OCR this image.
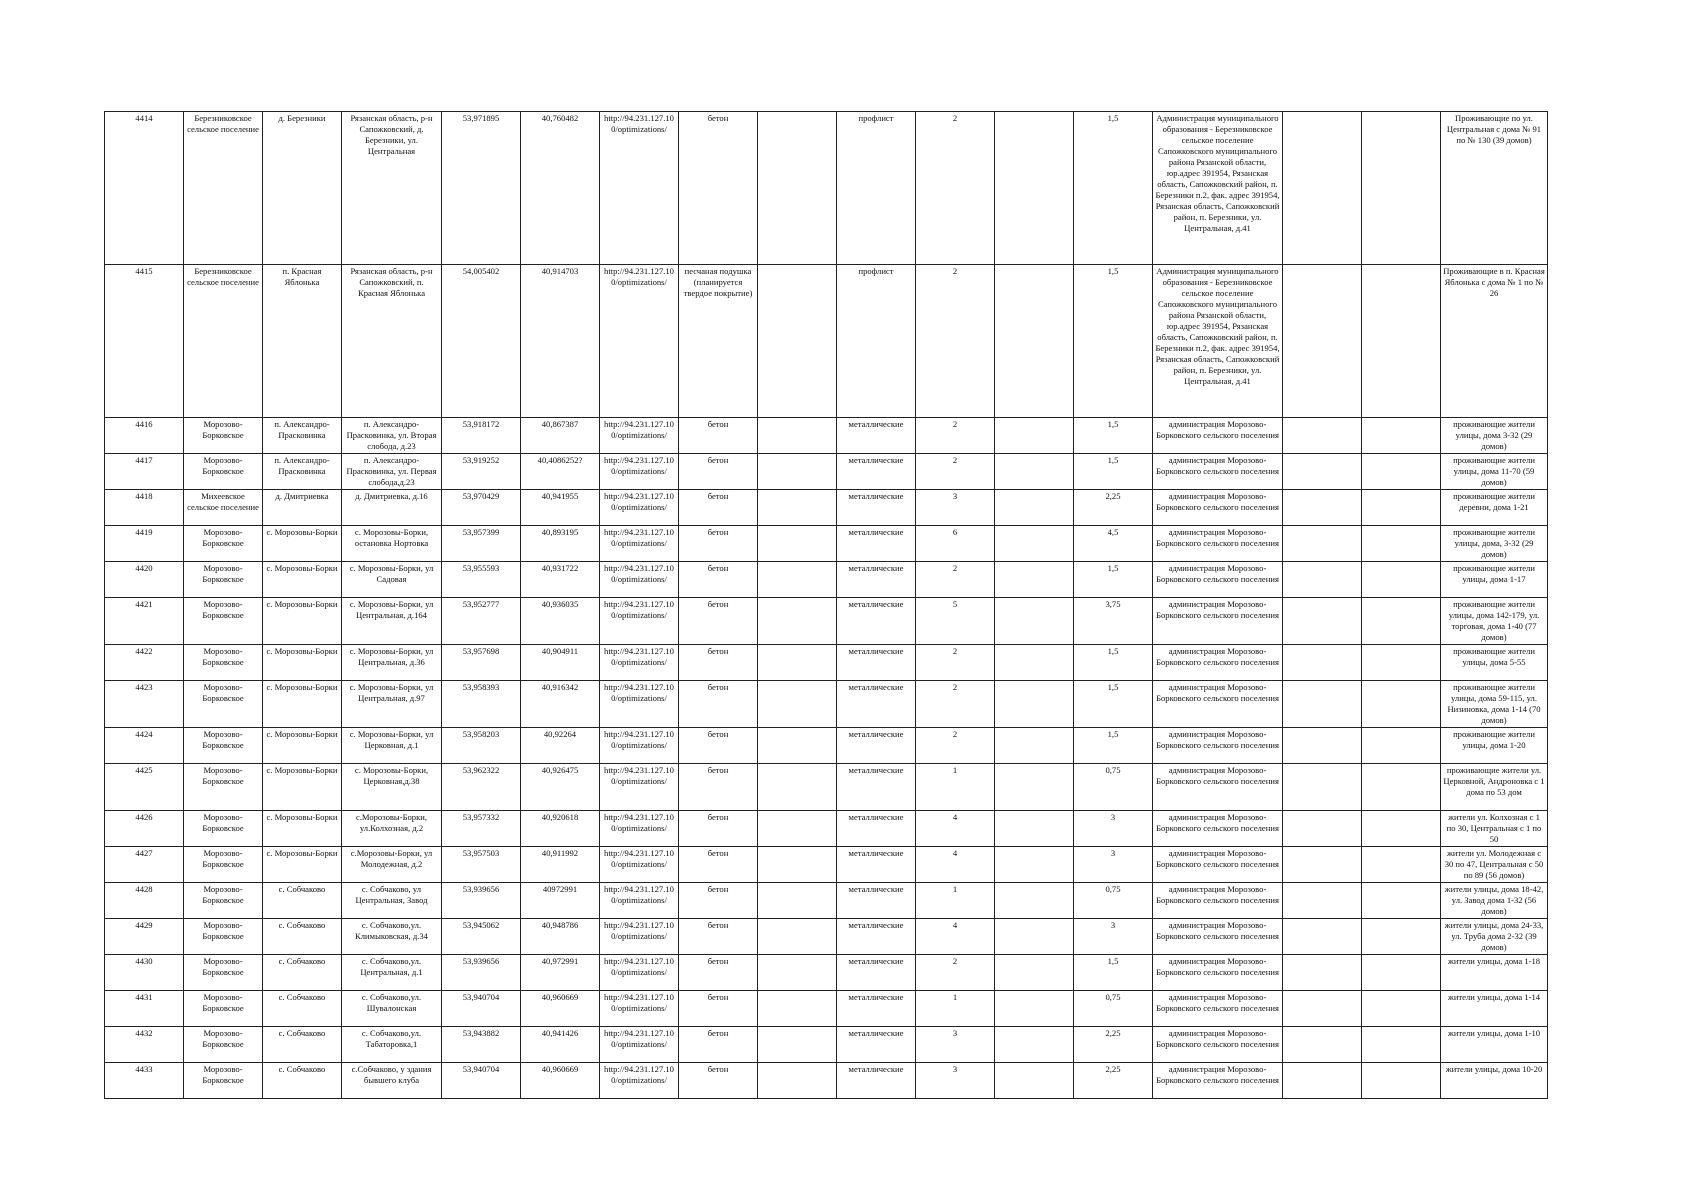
4414	Березниковское сельское поселение	д. Березники	Рязанская область, р-н Сапожковский, д. Березники, ул. Центральная	53,971895	40,760482	http://94.231.127.100/optimizations/	бетон		профлист	2		1,5	Администрация муниципального образования - Березниковское сельское поселение Сапожковского муниципального района Рязанской области, юр.адрес 391954, Рязанская область, Сапожковский район, п. Березники п.2, фак. адрес 391954, Рязанская область, Сапожковский район, п. Березники, ул. Центральная, д.41			Проживающие по ул. Центральная с дома № 91 по № 130 (39 домов)
4415	Березниковское сельское поселение	п. Красная Яблонька	Рязанская область, р-н Сапожковский, п. Красная Яблонька	54,005402	40,914703	http://94.231.127.100/optimizations/	песчаная подушка (планируется твердое покрытие)		профлист	2		1,5	Администрация муниципального образования - Березниковское сельское поселение Сапожковского муниципального района Рязанской области, юр.адрес 391954, Рязанская область, Сапожковский район, п. Березники п.2, фак. адрес 391954, Рязанская область, Сапожковский район, п. Березники, ул. Центральная, д.41			Проживающие в п. Красная Яблонька с дома № 1 по № 26
4416	Морозово-Борковское	п. Александро-Прасковинка	п. Александро-Прасковинка, ул. Вторая слобода, д.23	53,918172	40,867387	http://94.231.127.100/optimizations/	бетон		металлические	2		1,5	администрация Морозово-Борковского сельского поселения			проживающие жители улицы, дома 3-32 (29 домов)
4417	Морозово-Борковское	п. Александро-Прасковинка	п. Александро-Прасковинка, ул. Первая слобода,д.23	53,919252	40,4086252?	http://94.231.127.100/optimizations/	бетон		металлические	2		1,5	администрация Морозово-Борковского сельского поселения			проживающие жители улицы, дома 11-70 (59 домов)
4418	Михеевское сельское поселение	д. Дмитриевка	д. Дмитриевка, д.16	53,970429	40,941955	http://94.231.127.100/optimizations/	бетон		металлические	3		2,25	администрация Морозово-Борковского сельского поселения			проживающие жители деревни, дома 1-21
4419	Морозово-Борковское	с. Морозовы-Борки	с. Морозовы-Борки, остановка Нортовка	53,957399	40,893195	http://94.231.127.100/optimizations/	бетон		металлические	6		4,5	администрация Морозово-Борковского сельского поселения			проживающие жители улицы, дома, 3-32 (29 домов)
4420	Морозово-Борковское	с. Морозовы-Борки	с. Морозовы-Борки, ул Садовая	53,955593	40,931722	http://94.231.127.100/optimizations/	бетон		металлические	2		1,5	администрация Морозово-Борковского сельского поселения			проживающие жители улицы, дома 1-17
4421	Морозово-Борковское	с. Морозовы-Борки	с. Морозовы-Борки, ул Центральная, д.164	53,952777	40,936035	http://94.231.127.100/optimizations/	бетон		металлические	5		3,75	администрация Морозово-Борковского сельского поселения			проживающие жители улицы, дома 142-179, ул. торговая, дома 1-40 (77 домов)
4422	Морозово-Борковское	с. Морозовы-Борки	с. Морозовы-Борки, ул Центральная, д.36	53,957698	40,904911	http://94.231.127.100/optimizations/	бетон		металлические	2		1,5	администрация Морозово-Борковского сельского поселения			проживающие жители улицы, дома 5-55
4423	Морозово-Борковское	с. Морозовы-Борки	с. Морозовы-Борки, ул Центральная, д.97	53,958393	40,916342	http://94.231.127.100/optimizations/	бетон		металлические	2		1,5	администрация Морозово-Борковского сельского поселения			проживающие жители улицы, дома 59-115, ул. Низиновка, дома 1-14 (70 домов)
4424	Морозово-Борковское	с. Морозовы-Борки	с. Морозовы-Борки, ул Церковная, д.1	53,958203	40,92264	http://94.231.127.100/optimizations/	бетон		металлические	2		1,5	администрация Морозово-Борковского сельского поселения			проживающие жители улицы, дома 1-20
4425	Морозово-Борковское	с. Морозовы-Борки	с. Морозовы-Борки, Церковная,д.38	53,962322	40,926475	http://94.231.127.100/optimizations/	бетон		металлические	1		0,75	администрация Морозово-Борковского сельского поселения			проживающие жители ул. Церковной, Андроновка с 1 дома по 53 дом
4426	Морозово-Борковское	с. Морозовы-Борки	с.Морозовы-Борки, ул.Колхозная, д.2	53,957332	40,920618	http://94.231.127.100/optimizations/	бетон		металлические	4		3	администрация Морозово-Борковского сельского поселения			жители ул. Колхозная с 1 по 30, Центральная с 1 по 50
4427	Морозово-Борковское	с. Морозовы-Борки	с.Морозовы-Борки, ул Молодежная, д.2	53,957503	40,911992	http://94.231.127.100/optimizations/	бетон		металлические	4		3	администрация Морозово-Борковского сельского поселения			жители ул. Молодежная с 30 по 47, Центральная с 50 по 89 (56 домов)
4428	Морозово-Борковское	с. Собчаково	с. Собчаково, ул Центральная, Завод	53,939656	40972991	http://94.231.127.100/optimizations/	бетон		металлические	1		0,75	администрация Морозово-Борковского сельского поселения			жители улицы, дома 18-42, ул. Завод дома 1-32 (56 домов)
4429	Морозово-Борковское	с. Собчаково	с. Собчаково,ул. Климыковская, д.34	53,945062	40,948786	http://94.231.127.100/optimizations/	бетон		металлические	4		3	администрация Морозово-Борковского сельского поселения			жители улицы, дома 24-33, ул. Труба дома 2-32 (39 домов)
4430	Морозово-Борковское	с. Собчаково	с. Собчаково,ул. Центральная, д.1	53,939656	40,972991	http://94.231.127.100/optimizations/	бетон		металлические	2		1,5	администрация Морозово-Борковского сельского поселения			жители улицы, дома 1-18
4431	Морозово-Борковское	с. Собчаково	с. Собчаково,ул. Шувалонская	53,940704	40,960669	http://94.231.127.100/optimizations/	бетон		металлические	1		0,75	администрация Морозово-Борковского сельского поселения			жители улицы, дома 1-14
4432	Морозово-Борковское	с. Собчаково	с. Собчаково,ул. Табаторовка,1	53,943882	40,941426	http://94.231.127.100/optimizations/	бетон		металлические	3		2,25	администрация Морозово-Борковского сельского поселения			жители улицы, дома 1-10
4433	Морозово-Борковское	с. Собчаково	с.Собчаково, у здания бывшего клуба	53,940704	40,960669	http://94.231.127.100/optimizations/	бетон		металлические	3		2,25	администрация Морозово-Борковского сельского поселения			жители улицы, дома 10-20
